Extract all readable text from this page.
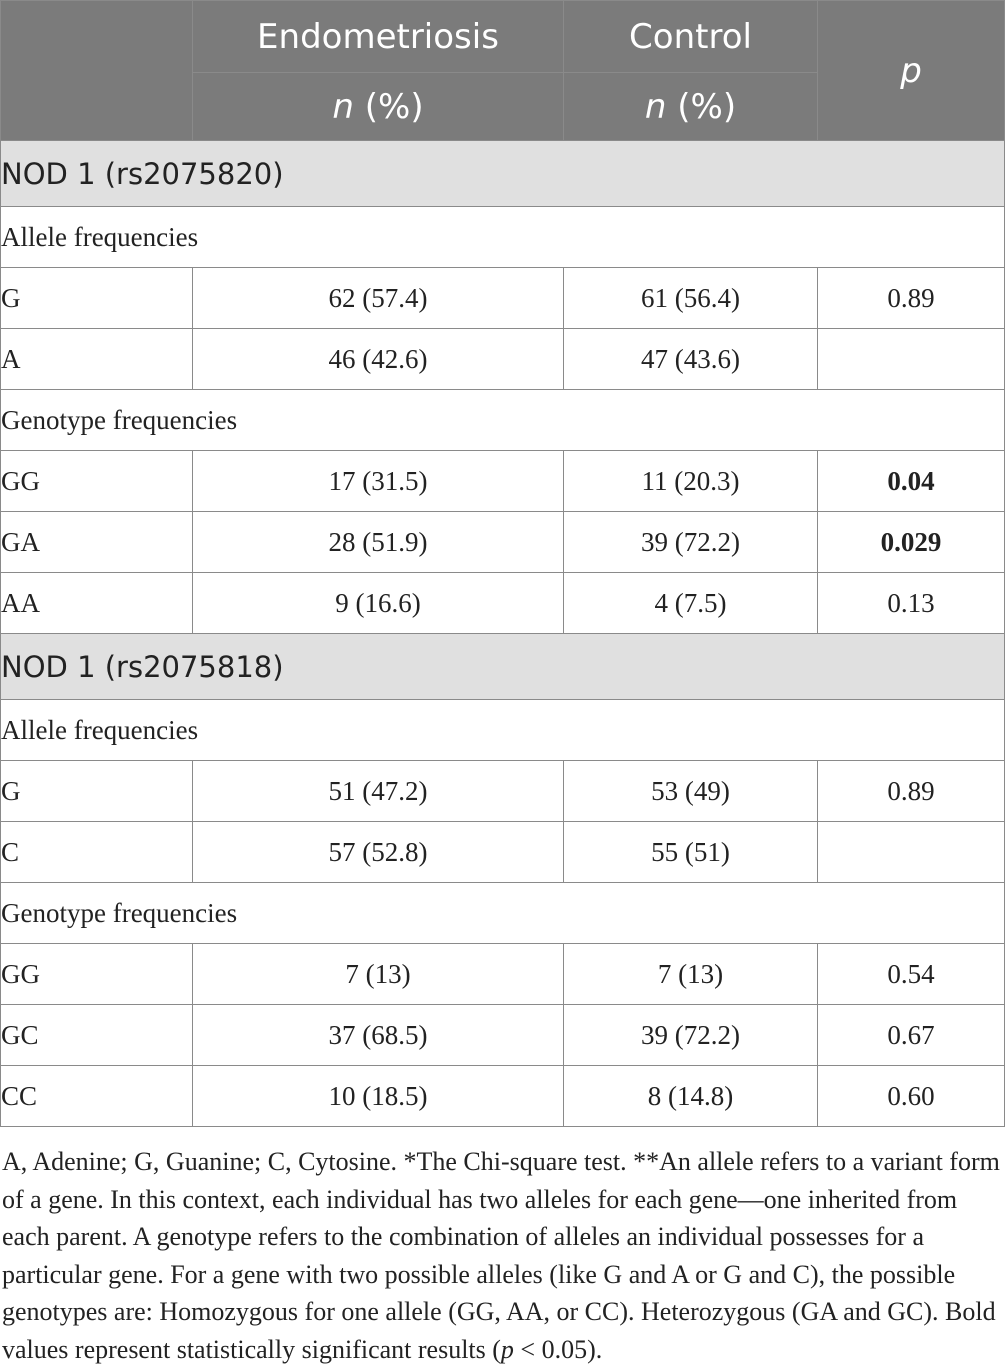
	Endometriosis	Control	p
	n (%)	n (%)	
NOD 1 (rs2075820)			
Allele frequencies			
G	62 (57.4)	61 (56.4)	0.89
A	46 (42.6)	47 (43.6)	
Genotype frequencies			
GG	17 (31.5)	11 (20.3)	0.04
GA	28 (51.9)	39 (72.2)	0.029
AA	9 (16.6)	4 (7.5)	0.13
NOD 1 (rs2075818)			
Allele frequencies			
G	51 (47.2)	53 (49)	0.89
C	57 (52.8)	55 (51)	
Genotype frequencies			
GG	7 (13)	7 (13)	0.54
GC	37 (68.5)	39 (72.2)	0.67
CC	10 (18.5)	8 (14.8)	0.60
A, Adenine; G, Guanine; C, Cytosine. *The Chi-square test. **An allele refers to a variant form of a gene. In this context, each individual has two alleles for each gene—one inherited from each parent. A genotype refers to the combination of alleles an individual possesses for a particular gene. For a gene with two possible alleles (like G and A or G and C), the possible genotypes are: Homozygous for one allele (GG, AA, or CC). Heterozygous (GA and GC). Bold values represent statistically significant results (p < 0.05).
